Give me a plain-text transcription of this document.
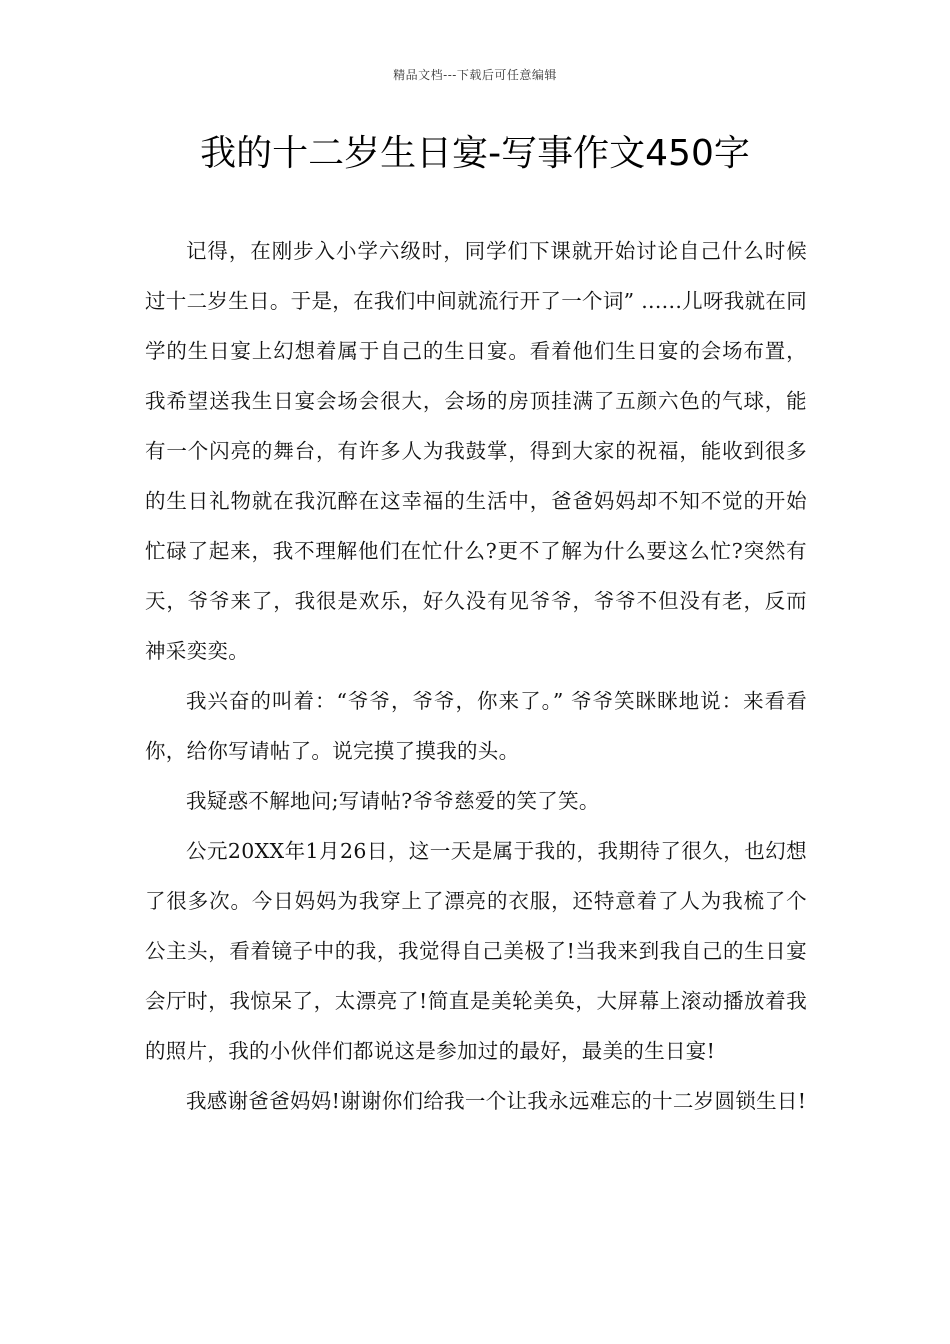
精品文档---下载后可任意编辑
我的十二岁生日宴-写事作文450字

记得，在刚步入小学六级时，同学们下课就开始讨论自己什么时候过十二岁生日。于是，在我们中间就流行开了一个词” ......儿呀我就在同学的生日宴上幻想着属于自己的生日宴。看着他们生日宴的会场布置，我希望送我生日宴会场会很大，会场的房顶挂满了五颜六色的气球，能有一个闪亮的舞台，有许多人为我鼓掌，得到大家的祝福，能收到很多的生日礼物就在我沉醉在这幸福的生活中，爸爸妈妈却不知不觉的开始忙碌了起来，我不理解他们在忙什么?更不了解为什么要这么忙?突然有天，爷爷来了，我很是欢乐，好久没有见爷爷，爷爷不但没有老，反而神采奕奕。

我兴奋的叫着：“爷爷，爷爷，你来了。” 爷爷笑眯眯地说：来看看你，给你写请帖了。说完摸了摸我的头。

我疑惑不解地问;写请帖?爷爷慈爱的笑了笑。

公元20XX年1月26日，这一天是属于我的，我期待了很久，也幻想了很多次。今日妈妈为我穿上了漂亮的衣服，还特意着了人为我梳了个公主头，看着镜子中的我，我觉得自己美极了!当我来到我自己的生日宴会厅时，我惊呆了，太漂亮了!简直是美轮美奂，大屏幕上滚动播放着我的照片，我的小伙伴们都说这是参加过的最好，最美的生日宴!

我感谢爸爸妈妈!谢谢你们给我一个让我永远难忘的十二岁圆锁生日!
